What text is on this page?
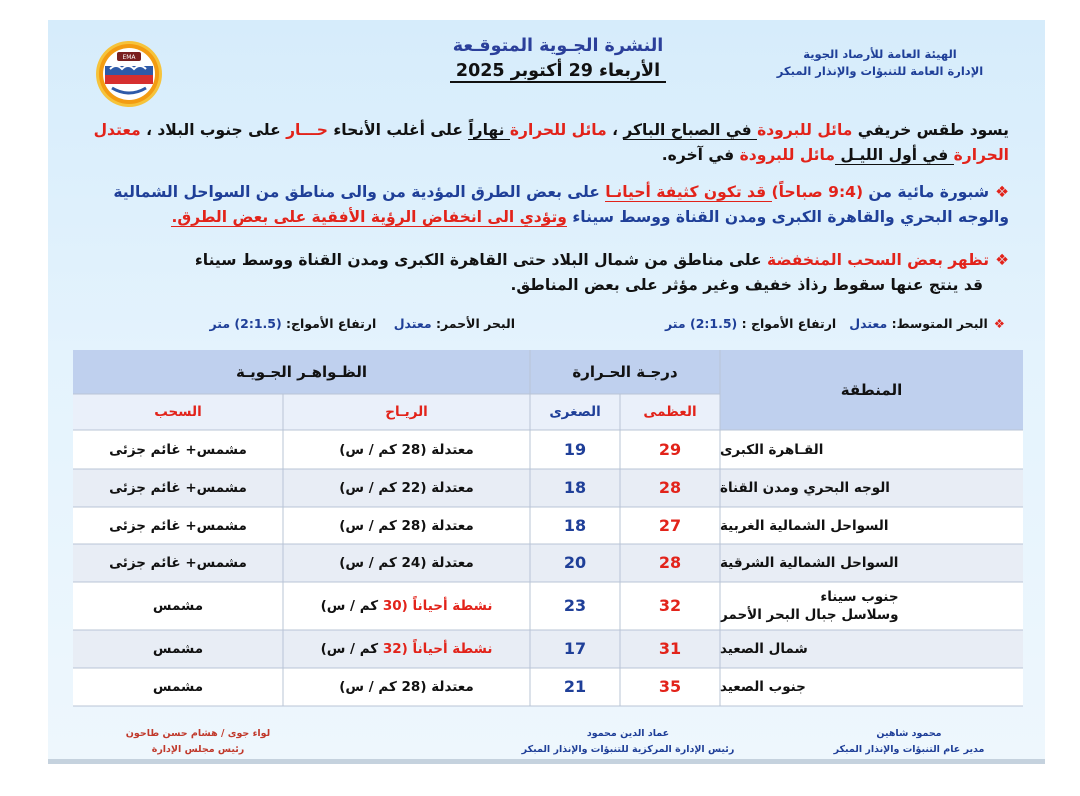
EMA	الهيئة العامة للأرصاد الجوية
الإدارة العامة للتنبؤات والإنذار المبكر
النشرة الجـوية المتوقـعة
الأربعاء 29 أكتوبر 2025
يسود طقس خريفي مائل للبرودة في الصباح الباكر ، مائل للحرارة نهاراً على أغلب الأنحاء حـــار على جنوب البلاد ، معتدل الحرارة في أول الليـل مائل للبرودة في آخره.
❖شبورة مائية من (9:4 صباحاً) قد تكون كثيفة أحيانـا على بعض الطرق المؤدية من والى مناطق من السواحل الشمالية والوجه البحري والقاهرة الكبرى ومدن القناة ووسط سيناء وتؤدي الى انخفاض الرؤية الأفقية على بعض الطرق.
❖تظهر بعض السحب المنخفضة على مناطق من شمال البلاد حتى القاهرة الكبرى ومدن القناة ووسط سيناء
قد ينتج عنها سقوط رذاذ خفيف وغير مؤثر على بعض المناطق.
❖البحر المتوسط: معتدل   ارتفاع الأمواج : (2:1.5) متر
البحر الأحمر: معتدل    ارتفاع الأمواج: (2:1.5) متر
المنطقة
درجـة الحـرارة
الظـواهـر الجـويـة
العظمى
الصغرى
الريـاح
السحب
القـاهرة الكبرى
29
19
معتدلة (28 كم / س)
مشمس+ غائم جزئى
الوجه البحري ومدن القناة
28
18
معتدلة (22 كم / س)
مشمس+ غائم جزئى
السواحل الشمالية الغربية
27
18
معتدلة (28 كم / س)
مشمس+ غائم جزئى
السواحل الشمالية الشرقية
28
20
معتدلة (24 كم / س)
مشمس+ غائم جزئى
جنوب سيناء
وسلاسل جبال البحر الأحمر
32
23
نشطة أحياناً (30 كم / س)
مشمس
شمال الصعيد
31
17
نشطة أحياناً (32 كم / س)
مشمس
جنوب الصعيد
35
21
معتدلة (28 كم / س)
مشمس
محمود شاهين
مدير عام التنبؤات والإنذار المبكر
عماد الدين محمود
رئيس الإدارة المركزية للتنبؤات والإنذار المبكر
لواء جوى / هشام حسن طاحون
رئيس مجلس الإدارة
